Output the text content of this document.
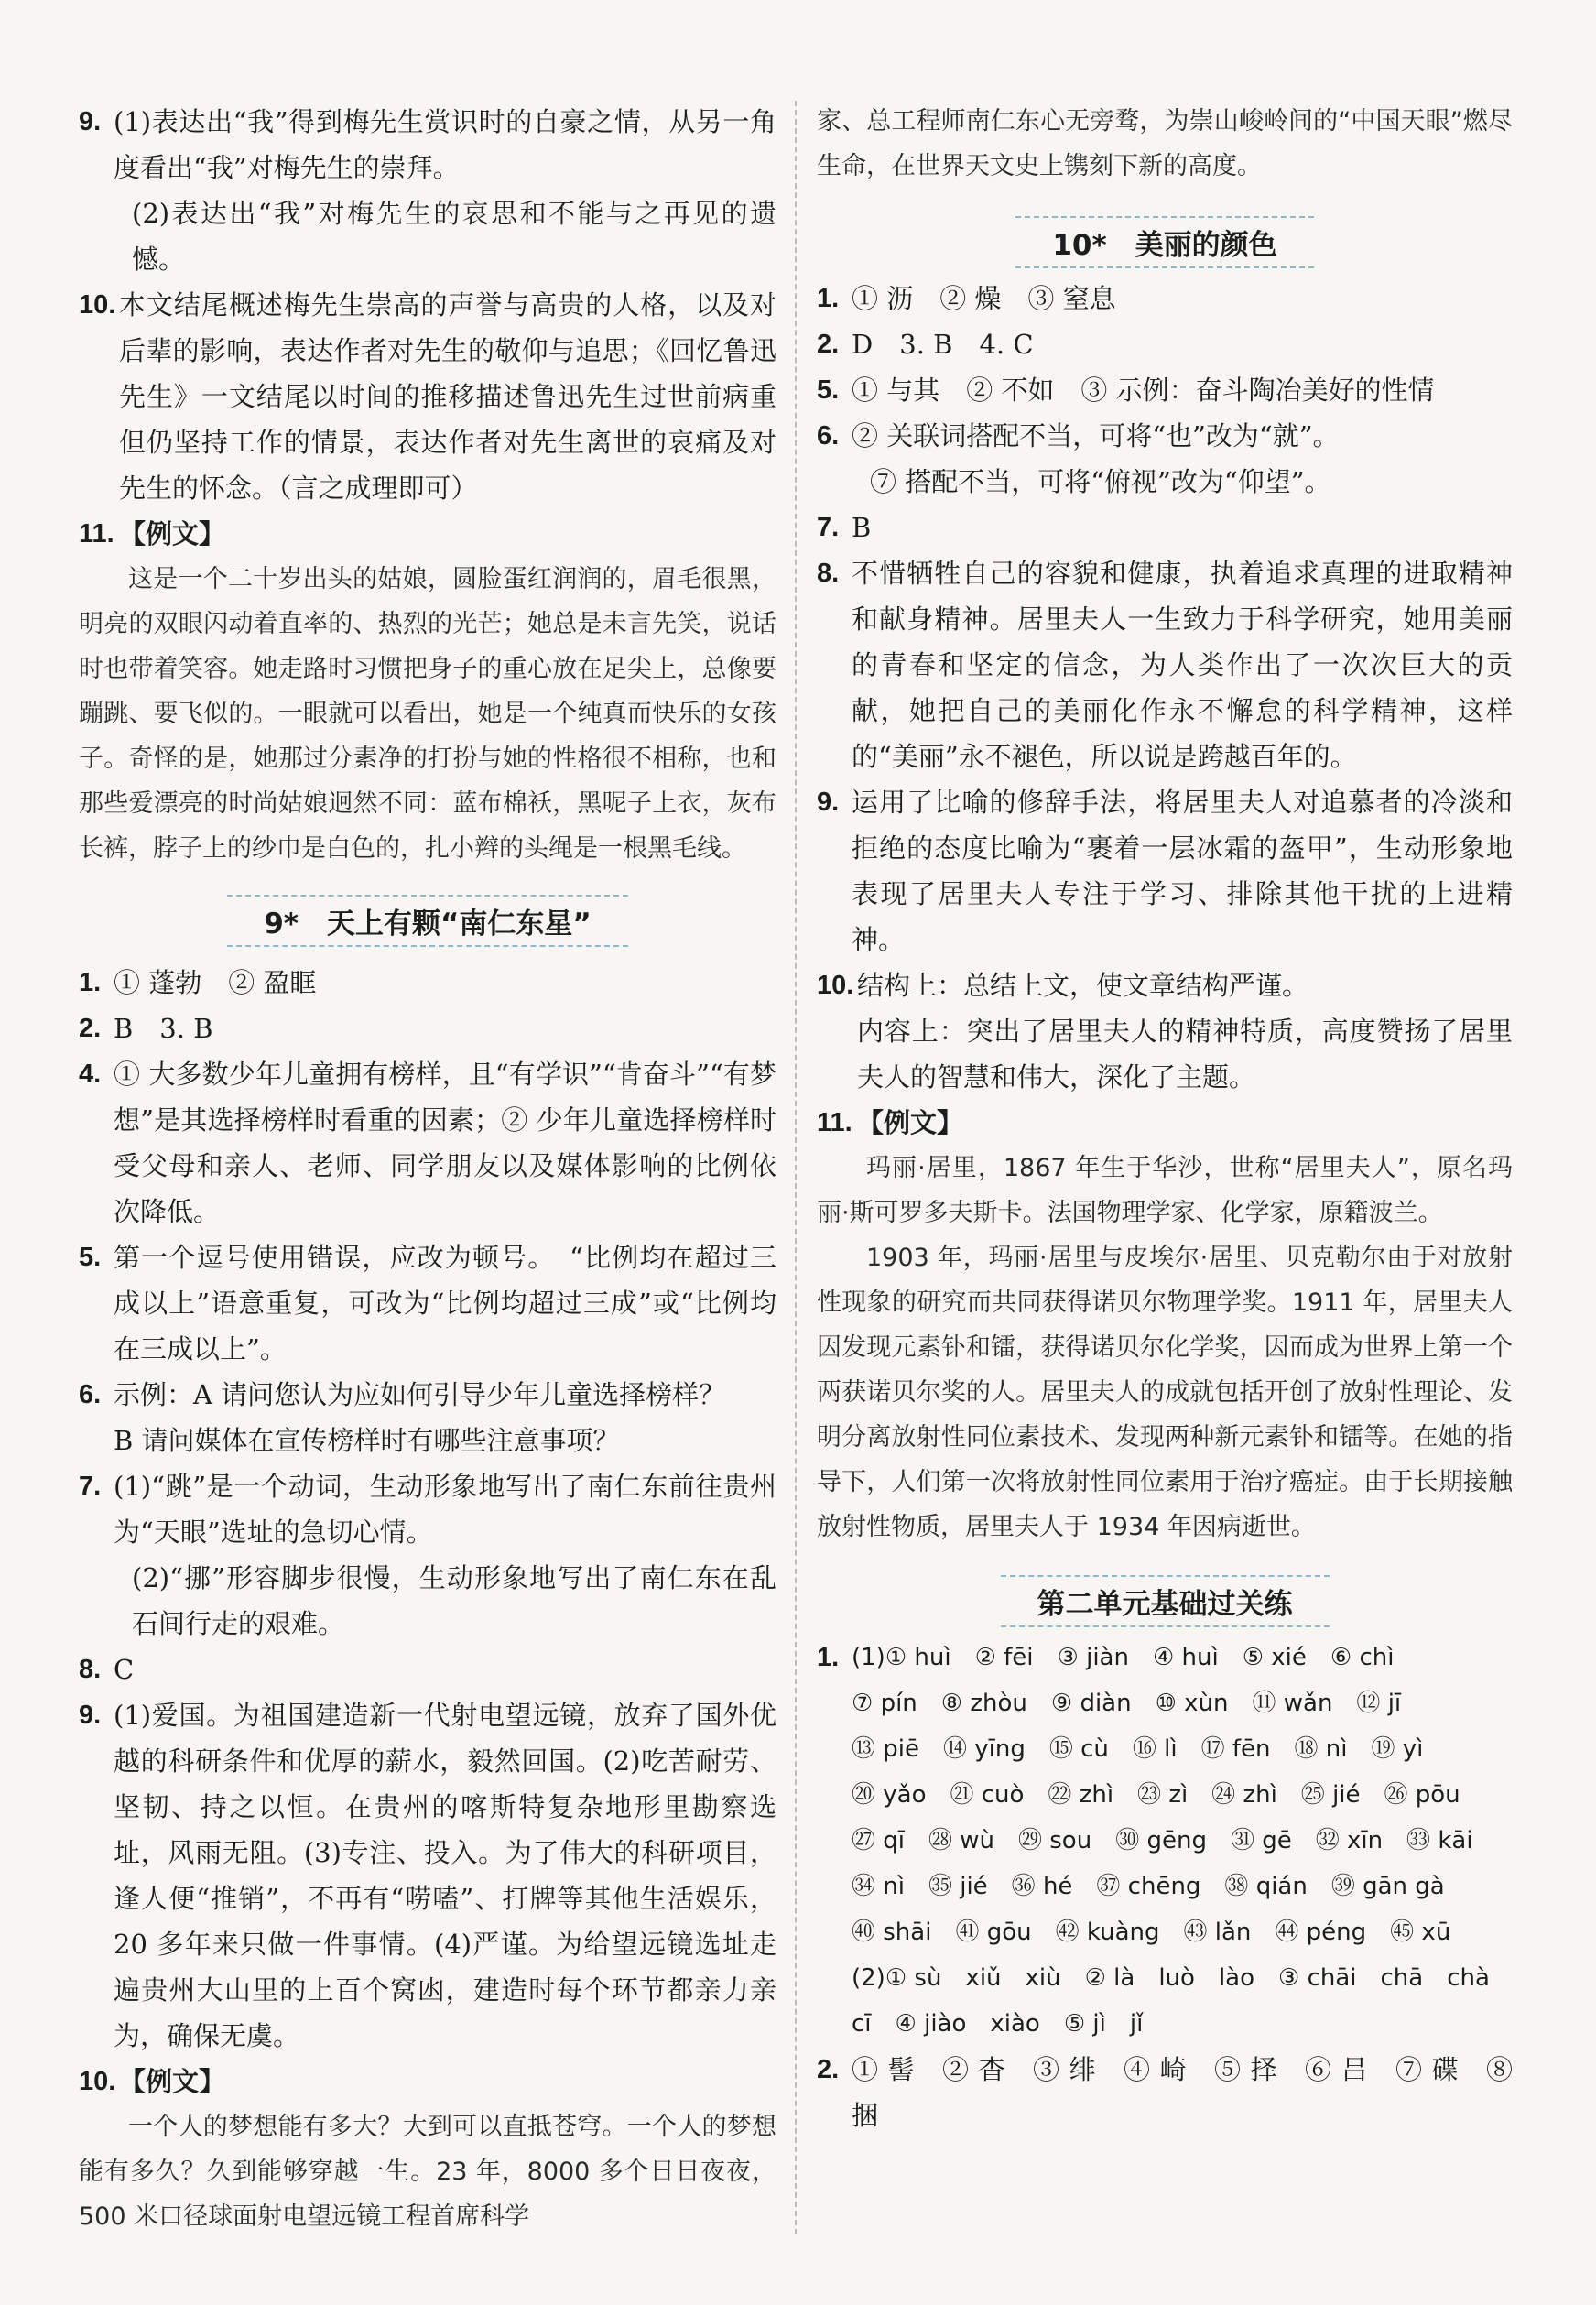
9. (1)表达出“我”得到梅先生赏识时的自豪之情，从另一角度看出“我”对梅先生的崇拜。
(2)表达出“我”对梅先生的哀思和不能与之再见的遗憾。
10. 本文结尾概述梅先生崇高的声誉与高贵的人格，以及对后辈的影响，表达作者对先生的敬仰与追思；《回忆鲁迅先生》一文结尾以时间的推移描述鲁迅先生过世前病重但仍坚持工作的情景，表达作者对先生离世的哀痛及对先生的怀念。（言之成理即可）
11. 【例文】
这是一个二十岁出头的姑娘，圆脸蛋红润润的，眉毛很黑，明亮的双眼闪动着直率的、热烈的光芒；她总是未言先笑，说话时也带着笑容。她走路时习惯把身子的重心放在足尖上，总像要蹦跳、要飞似的。一眼就可以看出，她是一个纯真而快乐的女孩子。奇怪的是，她那过分素净的打扮与她的性格很不相称，也和那些爱漂亮的时尚姑娘迥然不同：蓝布棉袄，黑呢子上衣，灰布长裤，脖子上的纱巾是白色的，扎小辫的头绳是一根黑毛线。
9*　天上有颗“南仁东星”
1. ① 蓬勃　② 盈眶
2. B　3. B
4. ① 大多数少年儿童拥有榜样，且“有学识”“肯奋斗”“有梦想”是其选择榜样时看重的因素；② 少年儿童选择榜样时受父母和亲人、老师、同学朋友以及媒体影响的比例依次降低。
5. 第一个逗号使用错误，应改为顿号。　“比例均在超过三成以上”语意重复，可改为“比例均超过三成”或“比例均在三成以上”。
6. 示例：A 请问您认为应如何引导少年儿童选择榜样？
B 请问媒体在宣传榜样时有哪些注意事项？
7. (1)“跳”是一个动词，生动形象地写出了南仁东前往贵州为“天眼”选址的急切心情。
(2)“挪”形容脚步很慢，生动形象地写出了南仁东在乱石间行走的艰难。
8. C
9. (1)爱国。为祖国建造新一代射电望远镜，放弃了国外优越的科研条件和优厚的薪水，毅然回国。(2)吃苦耐劳、坚韧、持之以恒。在贵州的喀斯特复杂地形里勘察选址，风雨无阻。(3)专注、投入。为了伟大的科研项目，逢人便“推销”，不再有“唠嗑”、打牌等其他生活娱乐，20 多年来只做一件事情。(4)严谨。为给望远镜选址走遍贵州大山里的上百个窝凼，建造时每个环节都亲力亲为，确保无虞。
10. 【例文】
一个人的梦想能有多大？大到可以直抵苍穹。一个人的梦想能有多久？久到能够穿越一生。23 年，8000 多个日日夜夜，500 米口径球面射电望远镜工程首席科学
家、总工程师南仁东心无旁骛，为崇山峻岭间的“中国天眼”燃尽生命，在世界天文史上镌刻下新的高度。
10*　美丽的颜色
1. ① 沥　② 燥　③ 窒息
2. D　3. B　4. C
5. ① 与其　② 不如　③ 示例：奋斗陶冶美好的性情
6. ② 关联词搭配不当，可将“也”改为“就”。
⑦ 搭配不当，可将“俯视”改为“仰望”。
7. B
8. 不惜牺牲自己的容貌和健康，执着追求真理的进取精神和献身精神。居里夫人一生致力于科学研究，她用美丽的青春和坚定的信念，为人类作出了一次次巨大的贡献，她把自己的美丽化作永不懈怠的科学精神，这样的“美丽”永不褪色，所以说是跨越百年的。
9. 运用了比喻的修辞手法，将居里夫人对追慕者的冷淡和拒绝的态度比喻为“裹着一层冰霜的盔甲”，生动形象地表现了居里夫人专注于学习、排除其他干扰的上进精神。
10. 结构上：总结上文，使文章结构严谨。
内容上：突出了居里夫人的精神特质，高度赞扬了居里夫人的智慧和伟大，深化了主题。
11. 【例文】
玛丽·居里，1867 年生于华沙，世称“居里夫人”，原名玛丽·斯可罗多夫斯卡。法国物理学家、化学家，原籍波兰。
1903 年，玛丽·居里与皮埃尔·居里、贝克勒尔由于对放射性现象的研究而共同获得诺贝尔物理学奖。1911 年，居里夫人因发现元素钋和镭，获得诺贝尔化学奖，因而成为世界上第一个两获诺贝尔奖的人。居里夫人的成就包括开创了放射性理论、发明分离放射性同位素技术、发现两种新元素钋和镭等。在她的指导下，人们第一次将放射性同位素用于治疗癌症。由于长期接触放射性物质，居里夫人于 1934 年因病逝世。
第二单元基础过关练
1. (1)① huì　② fēi　③ jiàn　④ huì　⑤ xié　⑥ chì
⑦ pín　⑧ zhòu　⑨ diàn　⑩ xùn　⑪ wǎn　⑫ jī
⑬ piē　⑭ yīng　⑮ cù　⑯ lì　⑰ fēn　⑱ nì　⑲ yì
⑳ yǎo　㉑ cuò　㉒ zhì　㉓ zì　㉔ zhì　㉕ jié　㉖ pōu
㉗ qī　㉘ wù　㉙ sou　㉚ gēng　㉛ gē　㉜ xīn　㉝ kāi
㉞ nì　㉟ jié　㊱ hé　㊲ chēng　㊳ qián　㊴ gān gà
㊵ shāi　㊶ gōu　㊷ kuàng　㊸ lǎn　㊹ péng　㊺ xū
(2)① sù　xiǔ　xiù　② là　luò　lào　③ chāi　chā　chà
cī　④ jiào　xiào　⑤ jì　jǐ
2. ① 髻　② 杳　③ 绯　④ 崎　⑤ 择　⑥ 吕　⑦ 碟　⑧ 捆
